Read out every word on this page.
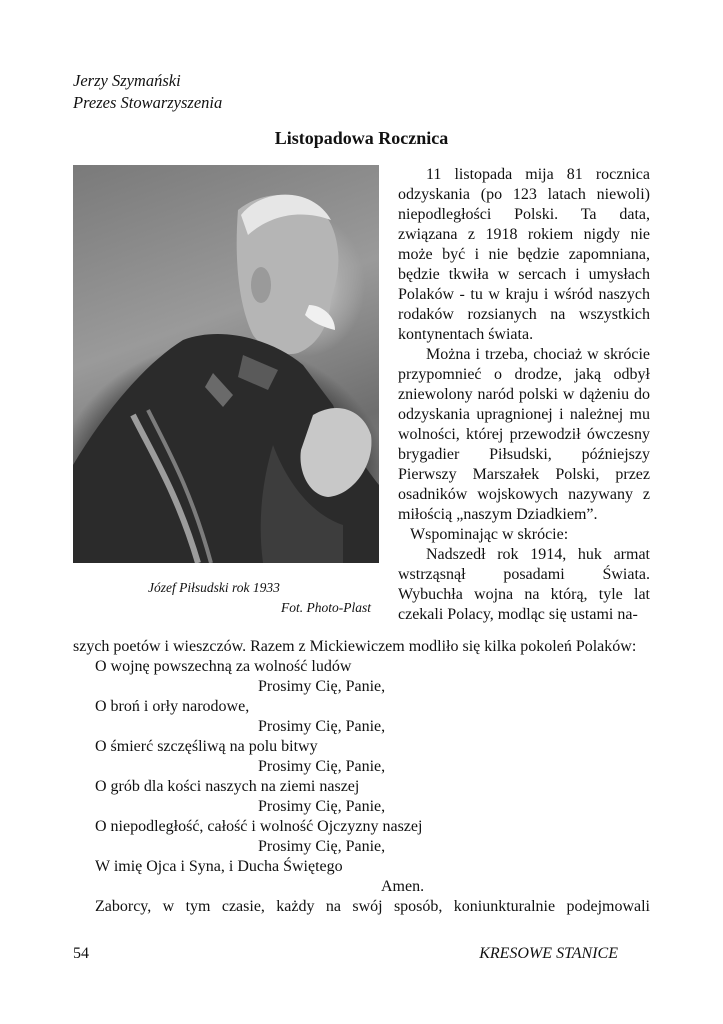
Jerzy Szymański
Prezes Stowarzyszenia
Listopadowa Rocznica
Józef Piłsudski rok 1933
Fot. Photo-Plast

11 listopada mija 81 rocznica odzyskania (po 123 latach niewoli) niepodległości Polski. Ta data, związana z 1918 rokiem nigdy nie może być i nie będzie zapomniana, będzie tkwiła w sercach i umysłach Polaków - tu w kraju i wśród naszych rodaków rozsianych na wszystkich kontynentach świata.

Można i trzeba, chociaż w skrócie przypomnieć o drodze, jaką odbył zniewolony naród polski w dążeniu do odzyskania upragnionej i należnej mu wolności, której przewodził ówczesny brygadier Piłsudski, późniejszy Pierwszy Marszałek Polski, przez osadników wojskowych nazywany z miłością „naszym Dziadkiem”.

Wspominając w skrócie:

Nadszedł rok 1914, huk armat wstrząsnął posadami Świata. Wybuchła wojna na którą, tyle lat czekali Polacy, modląc się ustami na-

szych poetów i wieszczów. Razem z Mickiewiczem modliło się kilka pokoleń Polaków:
O wojnę powszechną za wolność ludów
Prosimy Cię, Panie,
O broń i orły narodowe,
Prosimy Cię, Panie,
O śmierć szczęśliwą na polu bitwy
Prosimy Cię, Panie,
O grób dla kości naszych na ziemi naszej
Prosimy Cię, Panie,
O niepodległość, całość i wolność Ojczyzny naszej
Prosimy Cię, Panie,
W imię Ojca i Syna, i Ducha Świętego
Amen.

Zaborcy, w tym czasie, każdy na swój sposób, koniunkturalnie podejmowali

54	KRESOWE STANICE
